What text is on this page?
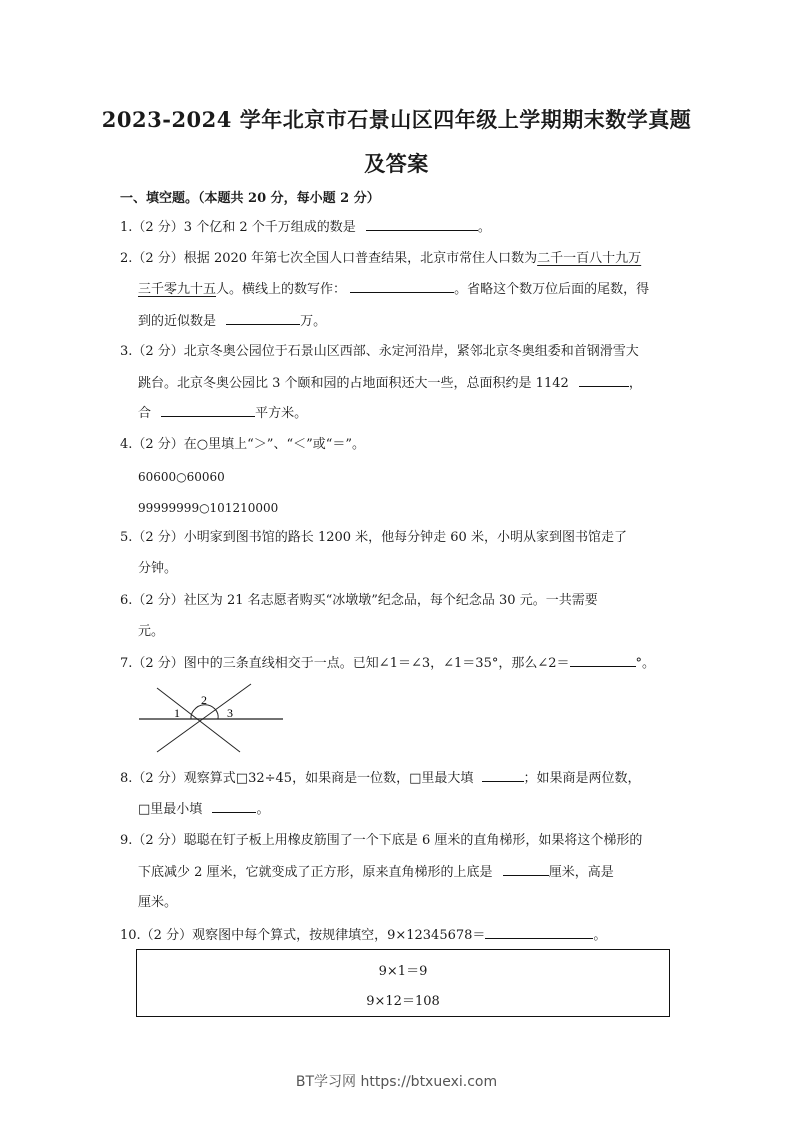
2023-2024 学年北京市石景山区四年级上学期期末数学真题
及答案
一、填空题。（本题共 20 分，每小题 2 分）
1.（2 分）3 个亿和 2 个千万组成的数是	。
2.（2 分）根据 2020 年第七次全国人口普查结果，北京市常住人口数为二千一百八十九万
三千零九十五人。横线上的数写作：	。省略这个数万位后面的尾数，得
到的近似数是	万。
3.（2 分）北京冬奥公园位于石景山区西部、永定河沿岸，紧邻北京冬奥组委和首钢滑雪大
跳台。北京冬奥公园比 3 个颐和园的占地面积还大一些，总面积约是 1142	，
合	平方米。
4.（2 分）在○里填上“＞”、“＜”或“＝”。
60600○60060
99999999○101210000
5.（2 分）小明家到图书馆的路长 1200 米，他每分钟走 60 米，小明从家到图书馆走了
分钟。
6.（2 分）社区为 21 名志愿者购买“冰墩墩”纪念品，每个纪念品 30 元。一共需要
元。
7.（2 分）图中的三条直线相交于一点。已知∠1＝∠3，∠1＝35°，那么∠2＝	°。
1
2
3
8.（2 分）观察算式□32÷45，如果商是一位数，□里最大填	；如果商是两位数，
□里最小填	。
9.（2 分）聪聪在钉子板上用橡皮筋围了一个下底是 6 厘米的直角梯形，如果将这个梯形的
下底减少 2 厘米，它就变成了正方形，原来直角梯形的上底是	厘米，高是
厘米。
10.（2 分）观察图中每个算式，按规律填空，9×12345678＝	。
9×1＝9
9×12＝108
BT学习网 https://btxuexi.com
